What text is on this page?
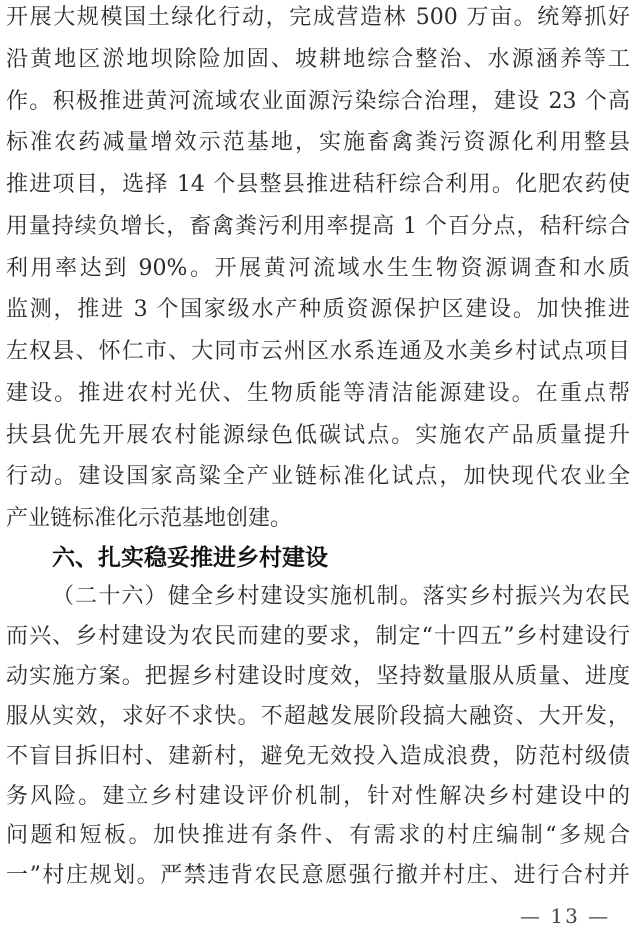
开展大规模国土绿化行动，完成营造林 500 万亩。统筹抓好
沿黄地区淤地坝除险加固、坡耕地综合整治、水源涵养等工
作。积极推进黄河流域农业面源污染综合治理，建设 23 个高
标准农药减量增效示范基地，实施畜禽粪污资源化利用整县
推进项目，选择 14 个县整县推进秸秆综合利用。化肥农药使
用量持续负增长，畜禽粪污利用率提高 1 个百分点，秸秆综合
利用率达到 90%。开展黄河流域水生生物资源调查和水质
监测，推进 3 个国家级水产种质资源保护区建设。加快推进
左权县、怀仁市、大同市云州区水系连通及水美乡村试点项目
建设。推进农村光伏、生物质能等清洁能源建设。在重点帮
扶县优先开展农村能源绿色低碳试点。实施农产品质量提升
行动。建设国家高粱全产业链标准化试点，加快现代农业全
产业链标准化示范基地创建。
六、扎实稳妥推进乡村建设
（二十六）健全乡村建设实施机制。落实乡村振兴为农民
而兴、乡村建设为农民而建的要求，制定“十四五”乡村建设行
动实施方案。把握乡村建设时度效，坚持数量服从质量、进度
服从实效，求好不求快。不超越发展阶段搞大融资、大开发，
不盲目拆旧村、建新村，避免无效投入造成浪费，防范村级债
务风险。建立乡村建设评价机制，针对性解决乡村建设中的
问题和短板。加快推进有条件、有需求的村庄编制“多规合
一”村庄规划。严禁违背农民意愿强行撤并村庄、进行合村并
— 13 —
